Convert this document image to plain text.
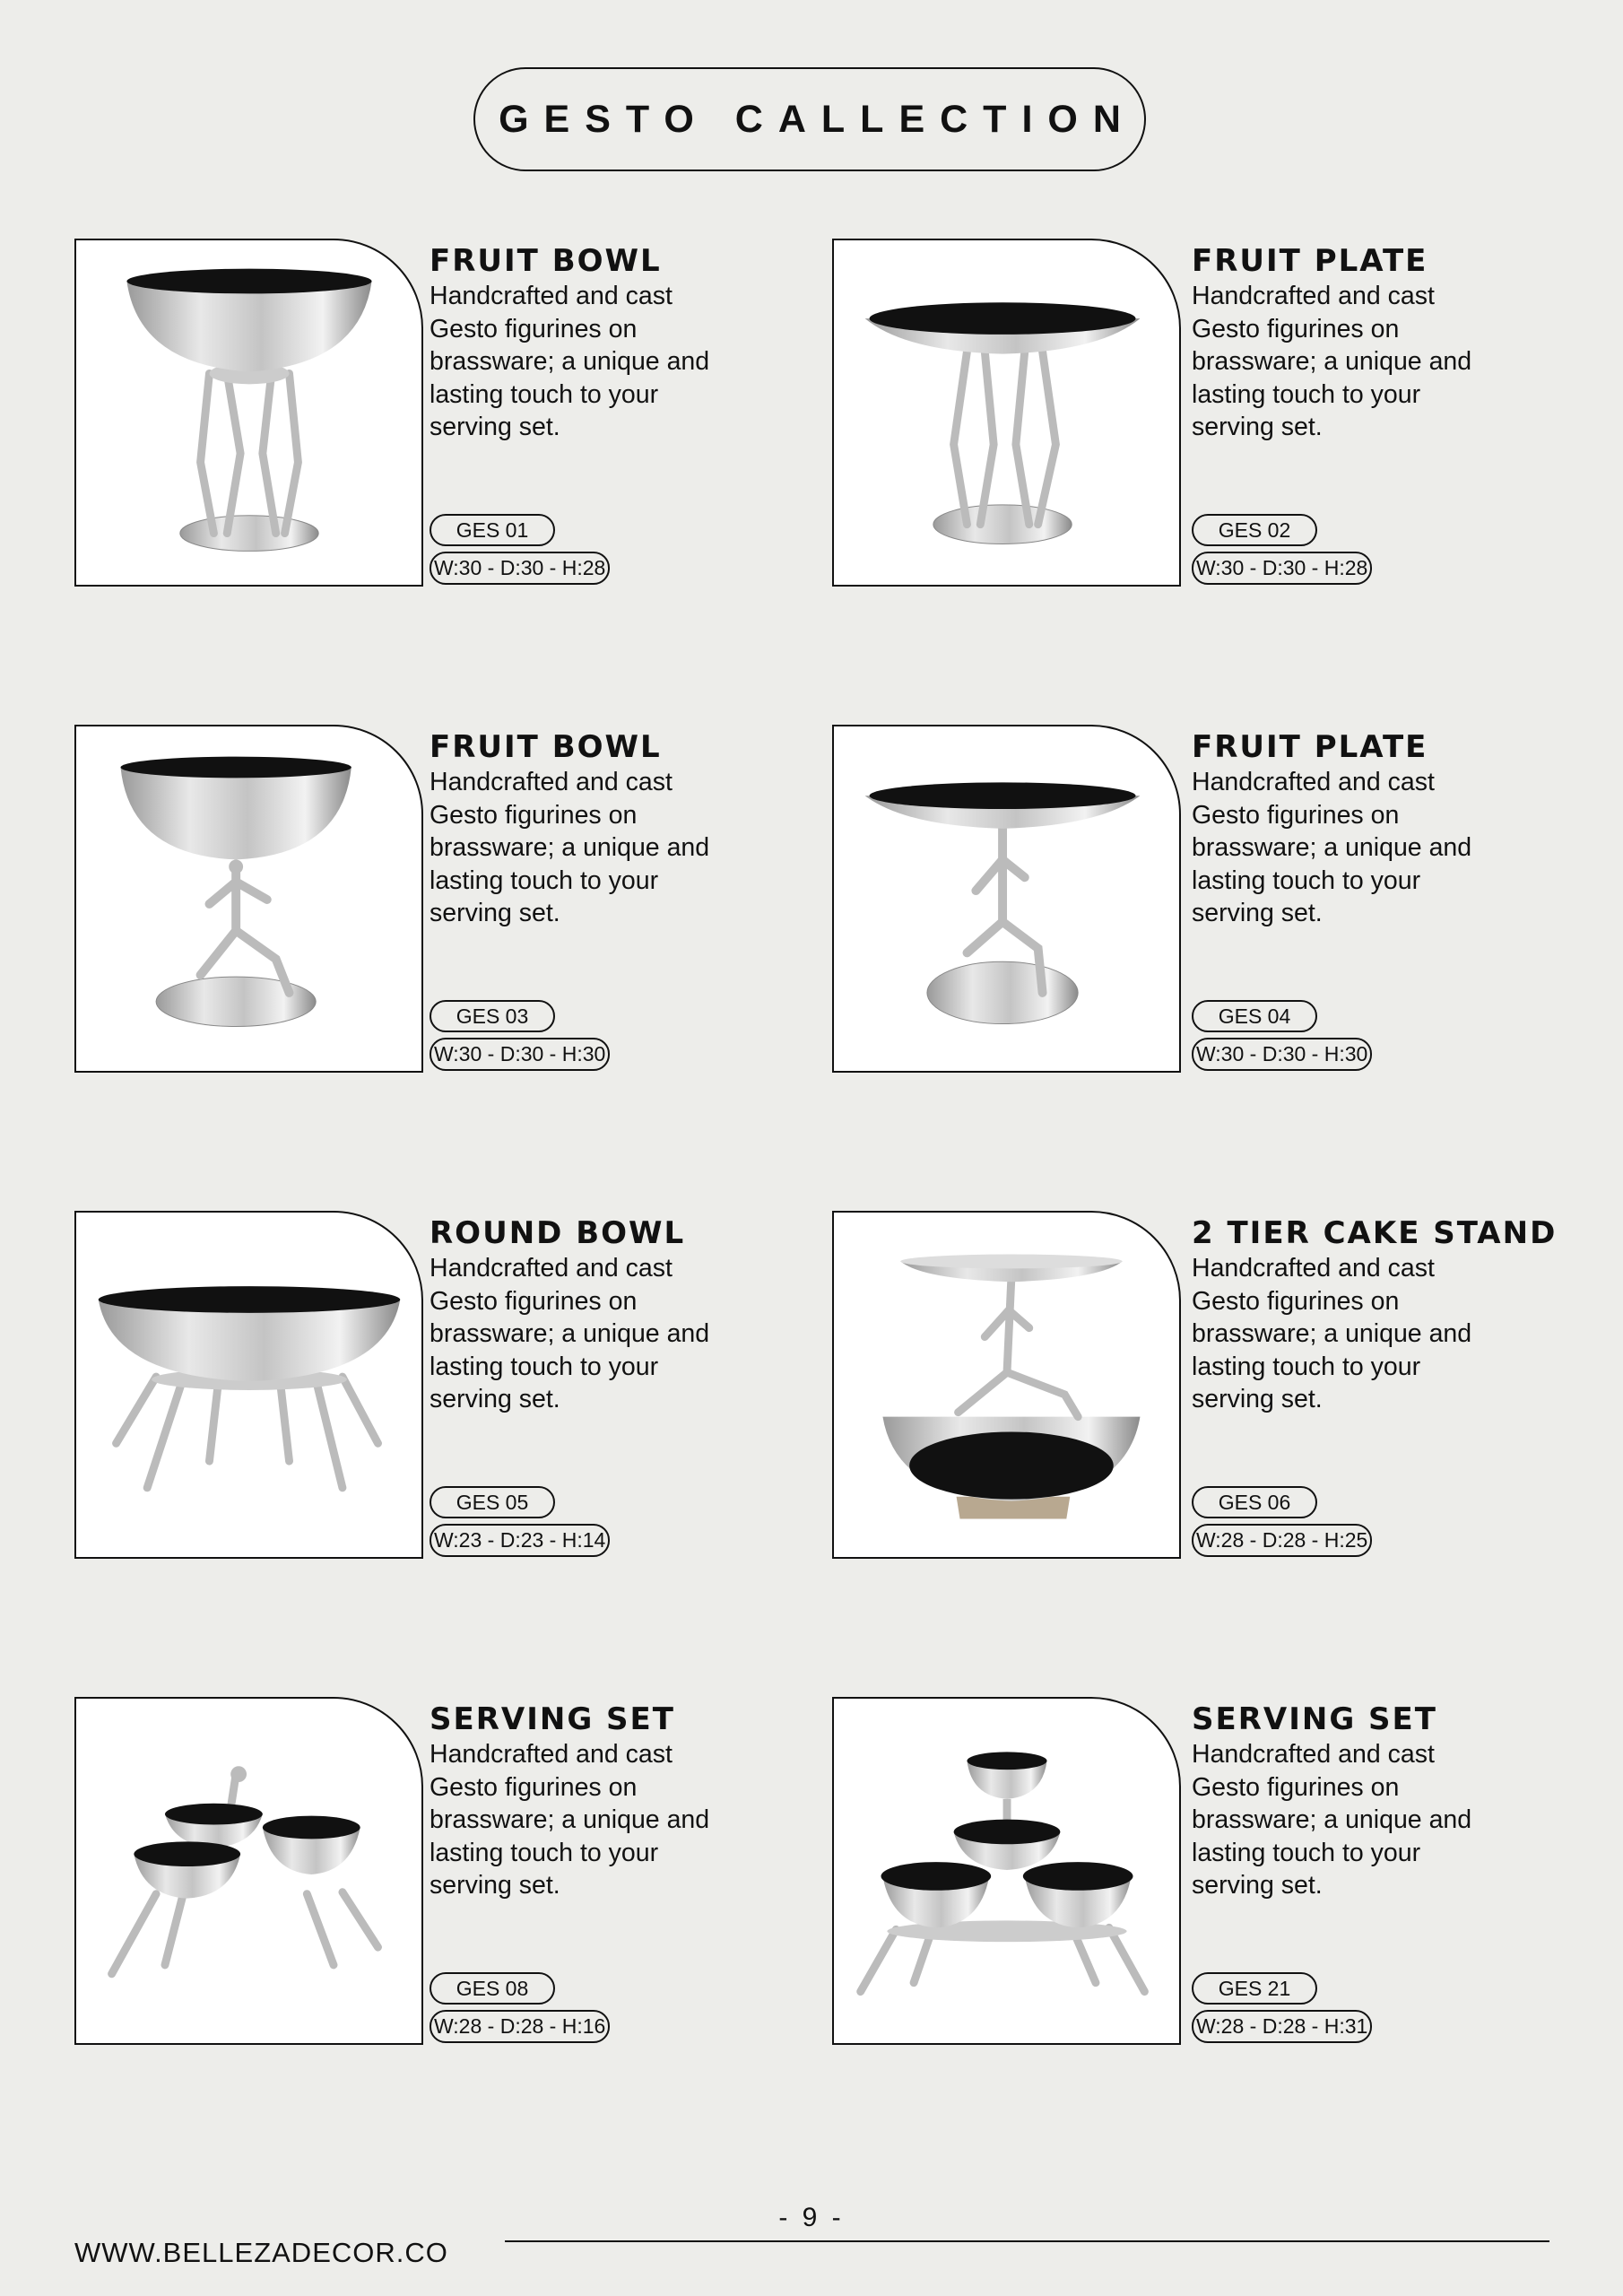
GESTO CALLECTION
FRUIT BOWL
Handcrafted and cast Gesto figurines on brassware; a unique and lasting touch to your serving set.
GES 01
W:30 - D:30 - H:28
FRUIT PLATE
Handcrafted and cast Gesto figurines on brassware; a unique and lasting touch to your serving set.
GES 02
W:30 - D:30 - H:28
FRUIT BOWL
Handcrafted and cast Gesto figurines on brassware; a unique and lasting touch to your serving set.
GES 03
W:30 - D:30 - H:30
FRUIT PLATE
Handcrafted and cast Gesto figurines on brassware; a unique and lasting touch to your serving set.
GES 04
W:30 - D:30 - H:30
ROUND BOWL
Handcrafted and cast Gesto figurines on brassware; a unique and lasting touch to your serving set.
GES 05
W:23 - D:23 - H:14
2 TIER CAKE STAND
Handcrafted and cast Gesto figurines on brassware; a unique and lasting touch to your serving set.
GES 06
W:28 - D:28 - H:25
SERVING SET
Handcrafted and cast Gesto figurines on brassware; a unique and lasting touch to your serving set.
GES 08
W:28 - D:28 - H:16
SERVING SET
Handcrafted and cast Gesto figurines on brassware; a unique and lasting touch to your serving set.
GES 21
W:28 - D:28 - H:31
- 9 -
WWW.BELLEZADECOR.CO
